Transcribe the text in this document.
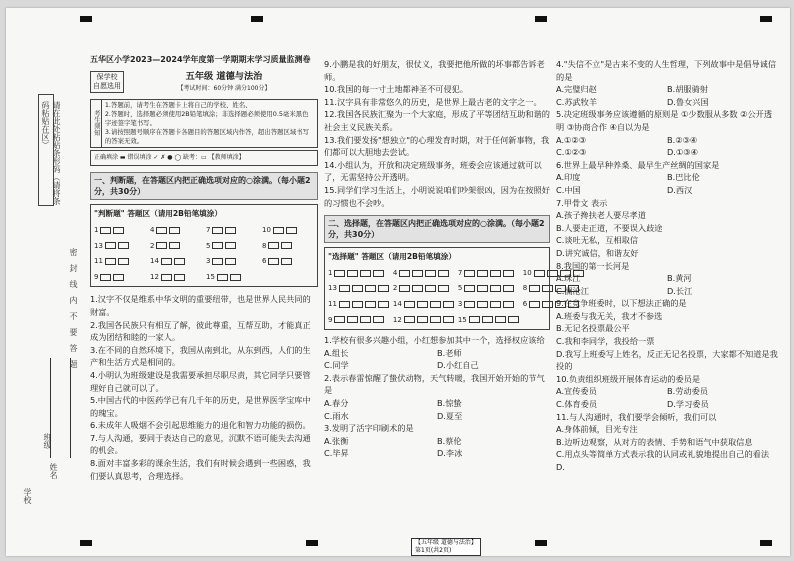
请在此处粘贴条形码（请将条码粘贴在区）
密封线内不要答题
姓名
班级
学校
五华区小学2023—2024学年度第一学期期末学习质量监测卷
保学校
自愿选用
五年级 道德与法治
【考试时间：60分钟 满分100分】
考生须知
1.答题前，请考生在答题卡上将自己的学校、姓名、
2.答题时，选择题必须使用2B铅笔填涂；非选择题必须使用0.5毫米黑色字迹签字笔书写。
3.请按照题号顺序在答题卡各题目的答题区域内作答，超出答题区域书写的答案无效。
正确填涂 ▬ 错误填涂 ✓ ✗ ● ◯ 缺考：▭ 【教师填涂】
一、判断题，在答题区内把正确选项对应的○涂满。（每小题2分，共30分）
"判断题" 答题区（请用2B铅笔填涂）
1	4	7	10
13	2	5	8
11	14	3	6
9	12	15

1.汉字不仅是维系中华文明的重要纽带，也是世界人民共同的财富。

2.我国各民族只有相互了解，彼此尊重，互帮互助，才能真正成为团结和睦的一家人。

3.在不同的自然环境下，我国从南到北，从东到西，人们的生产和生活方式是相同的。

4.小明认为班级建设是我需要承担尽职尽责，其它同学只要管理好自己就可以了。

5.中国古代的中医药学已有几千年的历史，是世界医学宝库中的瑰宝。

6.未成年人吸烟不会引起思维能力的退化和智力功能的损伤。

7.与人沟通，要同于表达自己的意见，沉默不语可能失去沟通的机会。

8.面对丰富多彩的课余生活，我们有时候会遇到一些困惑，我们要认真思考，合理选择。

9.小鹏是我的好朋友，很仗义，我要把他所做的坏事都告诉老师。

10.我国的每一寸土地都神圣不可侵犯。

11.汉字具有非常悠久的历史，是世界上最古老的文字之一。

12.我国各民族汇聚为一个大家庭，形成了平等团结互助和谐的社会主义民族关系。

13.我们要发扬"想独立"的心理发育时期，对于任何新事物，我们都可以大胆地去尝试。

14.小组认为，开放和决定班级事务，班委会应该通过就可以了，无需坚持公开透明。

15.同学们学习生活上，小明说说咱们吵架很凶，因为在按照好的习惯也不会吵。

二、选择题，在答题区内把正确选项对应的○涂满。（每小题2分，共30分）
"选择题" 答题区（请用2B铅笔填涂）
1	4	7	10
13	2	5	8
11	14	3	6
9	12	15

1.学校有很多兴趣小组，小红想参加其中一个，选择权应该给

A.组长	B.老师
C.同学	D.小红自己

2.表示春雷惊醒了蛰伏动物，天气转暖，我国开始开始的节气是

A.春分	B.惊蛰
C.雨水	D.夏至

3.发明了活字印刷术的是

A.张衡	B.蔡伦
C.毕昇	D.李冰

4."失信不立"是古来不变的人生哲理，下列故事中是倡导诚信的是

A.完璧归赵	B.胡服骑射
C.苏武牧羊	D.鲁女兴国

5.决定班级事务应该遵循的原则是 ①少数服从多数 ②公开透明 ③协商合作 ④自以为是

A.①②③	B.②③④
C.①②③	D.①③④

6.世界上最早种养桑、最早生产丝绸的国家是

A.印度	B.巴比伦
C.中国	D.西汉

7.甲骨文 表示

A.孩子搀扶老人要尽孝道
B.人要走正道，不要误入歧途
C.谈吐无私，互相取信
D.讲究诚信，和谐友好

8.我国的第一长河是

A.珠江	B.黄河
C.澜沧江	D.长江

9.在竞争班委时，以下想法正确的是

A.班委与我无关，我才不参选
B.无记名投票最公平
C.我和李同学，我投给一票
D.我写上班委写上姓名，反正无记名投票，大家都不知道是我投的

10.负责组织班级开展体育运动的委员是

A.宣传委员	B.劳动委员
C.体育委员	D.学习委员

11.与人沟通时，我们要学会倾听，我们可以

A.身体前倾，目光专注
B.边听边观察，从对方的表情、手势和语气中获取信息
C.用点头等简单方式表示我的认同或礼貌地提出自己的看法
D.
【五年级 道德与法治】
第1页(共2页)
